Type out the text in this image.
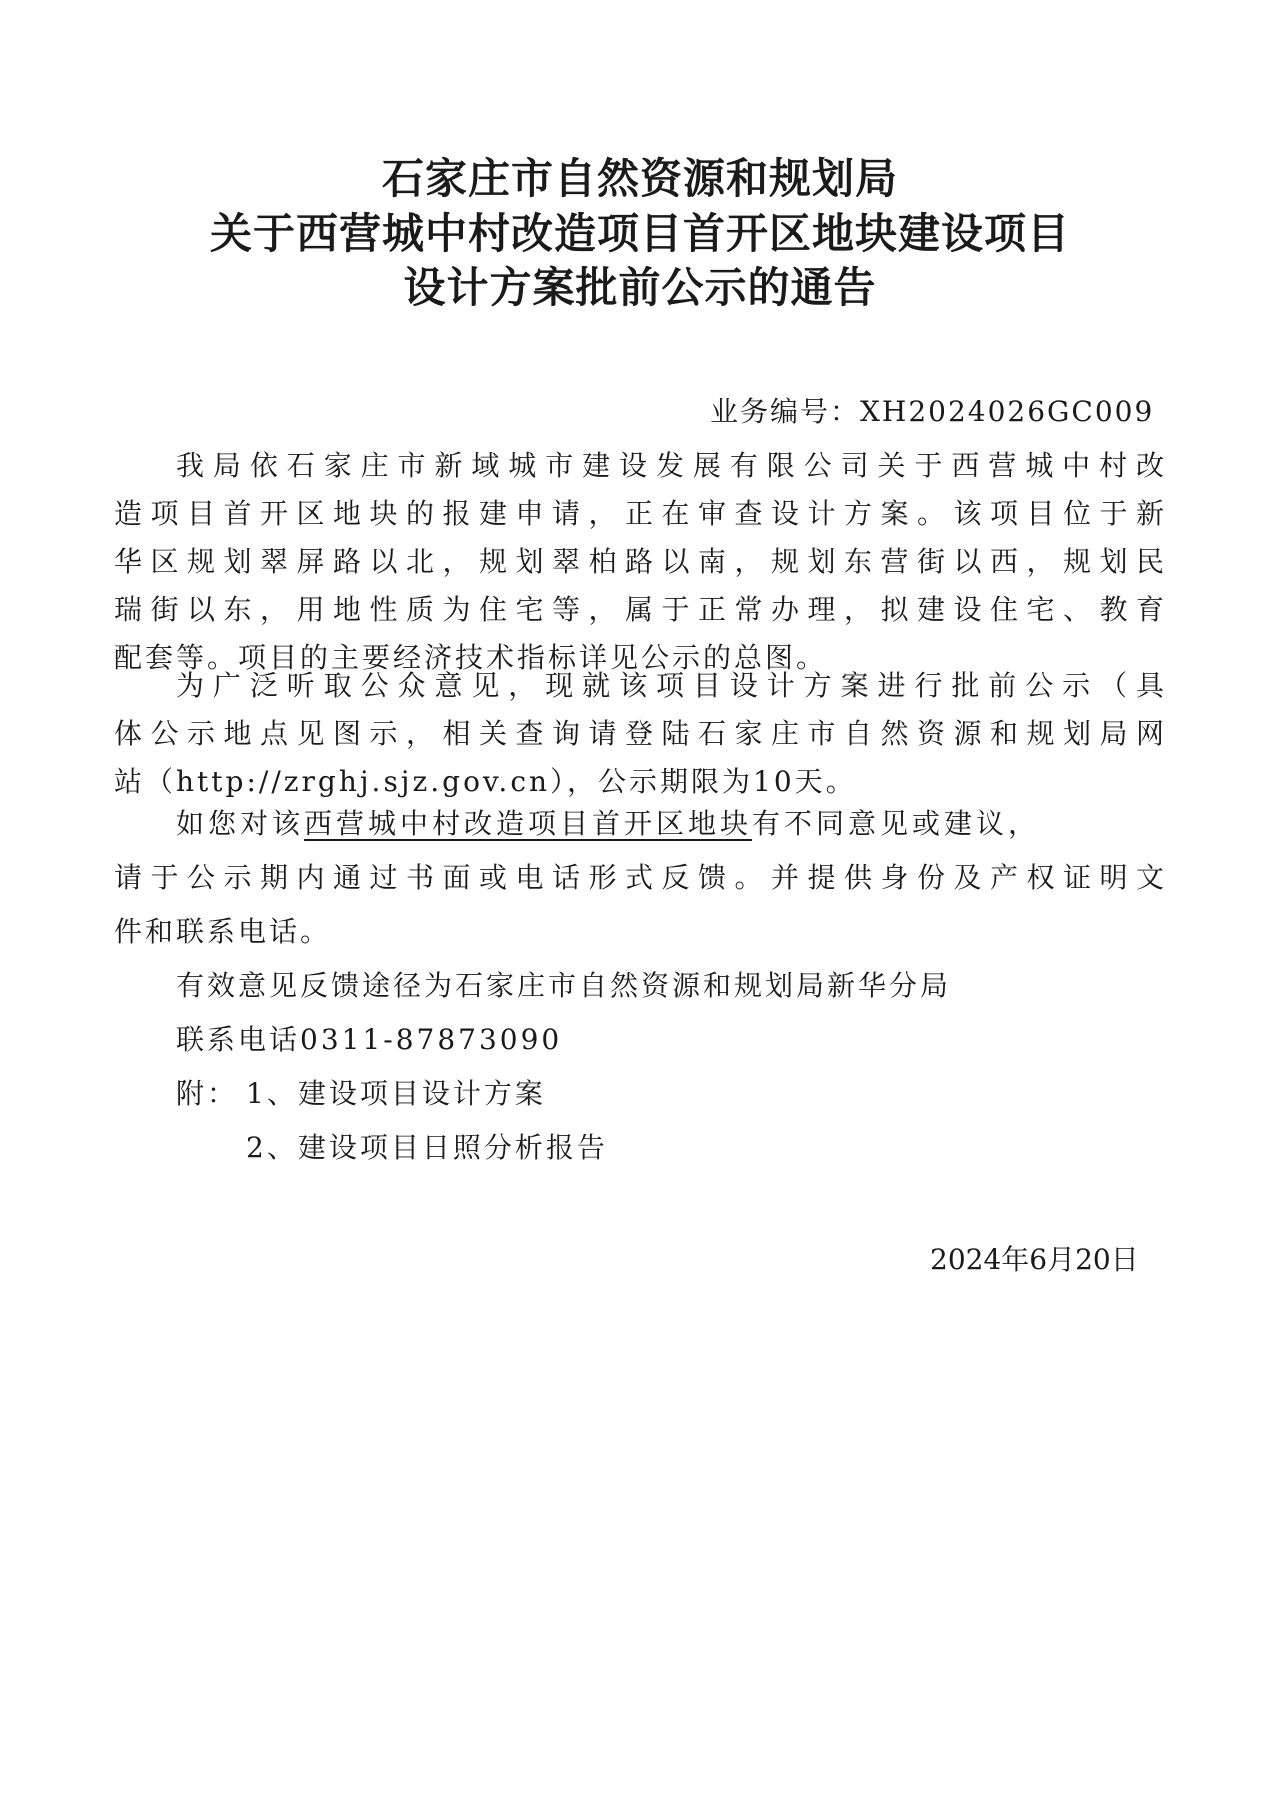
石家庄市自然资源和规划局
关于西营城中村改造项目首开区地块建设项目
设计方案批前公示的通告
业务编号：XH2024026GC009
我局依石家庄市新域城市建设发展有限公司关于西营城中村改
造项目首开区地块的报建申请，正在审查设计方案。该项目位于新
华区规划翠屏路以北，规划翠柏路以南，规划东营街以西，规划民
瑞街以东，用地性质为住宅等，属于正常办理，拟建设住宅、教育
配套等。项目的主要经济技术指标详见公示的总图。
为广泛听取公众意见，现就该项目设计方案进行批前公示（具
体公示地点见图示，相关查询请登陆石家庄市自然资源和规划局网
站（http://zrghj.sjz.gov.cn），公示期限为10天。
如您对该西营城中村改造项目首开区地块有不同意见或建议，
请于公示期内通过书面或电话形式反馈。并提供身份及产权证明文
件和联系电话。
有效意见反馈途径为石家庄市自然资源和规划局新华分局
联系电话0311-87873090
附： 1、建设项目设计方案
2、建设项目日照分析报告
2024年6月20日
